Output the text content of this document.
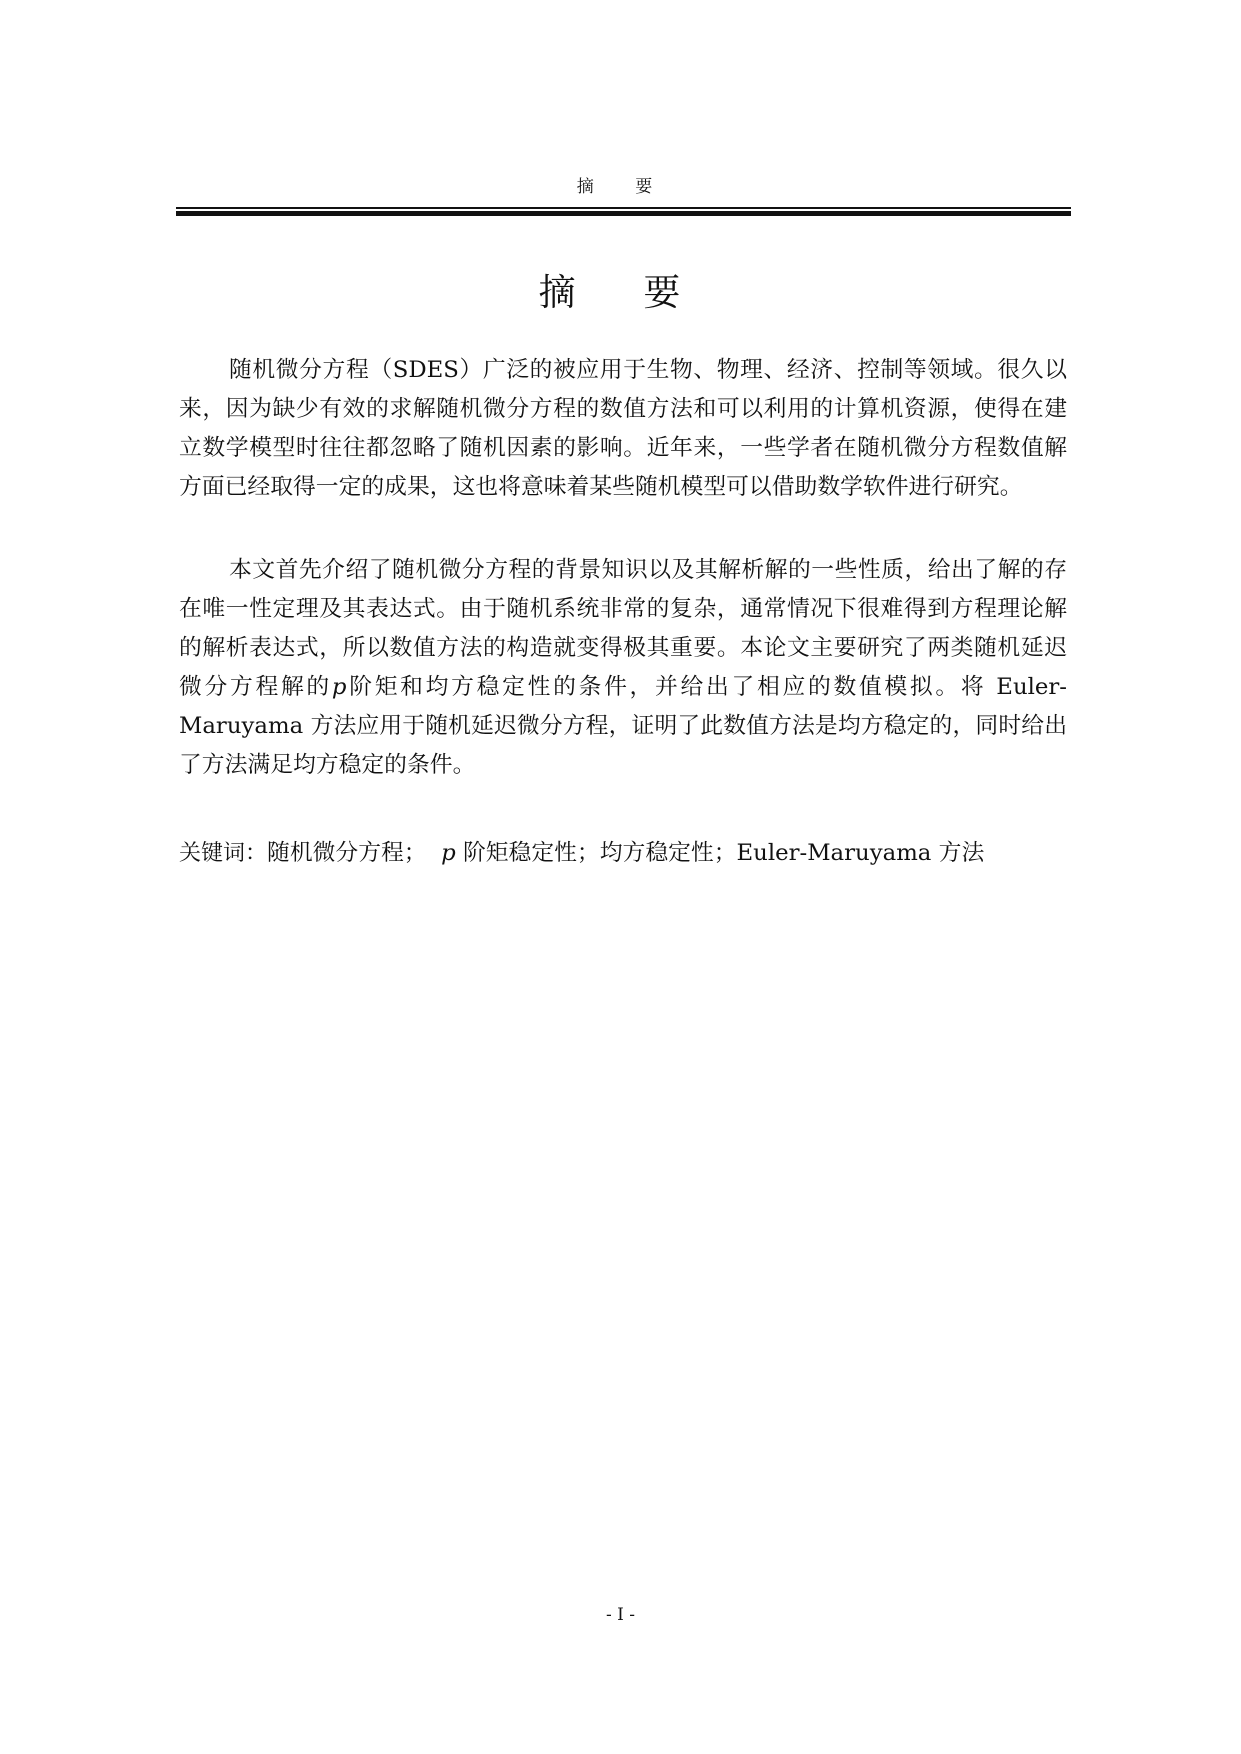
摘 要
摘 要

随机微分方程（SDES）广泛的被应用于生物、物理、经济、控制等领域。很久以来，因为缺少有效的求解随机微分方程的数值方法和可以利用的计算机资源，使得在建立数学模型时往往都忽略了随机因素的影响。近年来，一些学者在随机微分方程数值解方面已经取得一定的成果，这也将意味着某些随机模型可以借助数学软件进行研究。

本文首先介绍了随机微分方程的背景知识以及其解析解的一些性质，给出了解的存在唯一性定理及其表达式。由于随机系统非常的复杂，通常情况下很难得到方程理论解的解析表达式，所以数值方法的构造就变得极其重要。本论文主要研究了两类随机延迟微分方程解的p阶矩和均方稳定性的条件，并给出了相应的数值模拟。将 Euler-Maruyama 方法应用于随机延迟微分方程，证明了此数值方法是均方稳定的，同时给出了方法满足均方稳定的条件。

关键词：随机微分方程； p 阶矩稳定性；均方稳定性；Euler-Maruyama 方法
- I -
